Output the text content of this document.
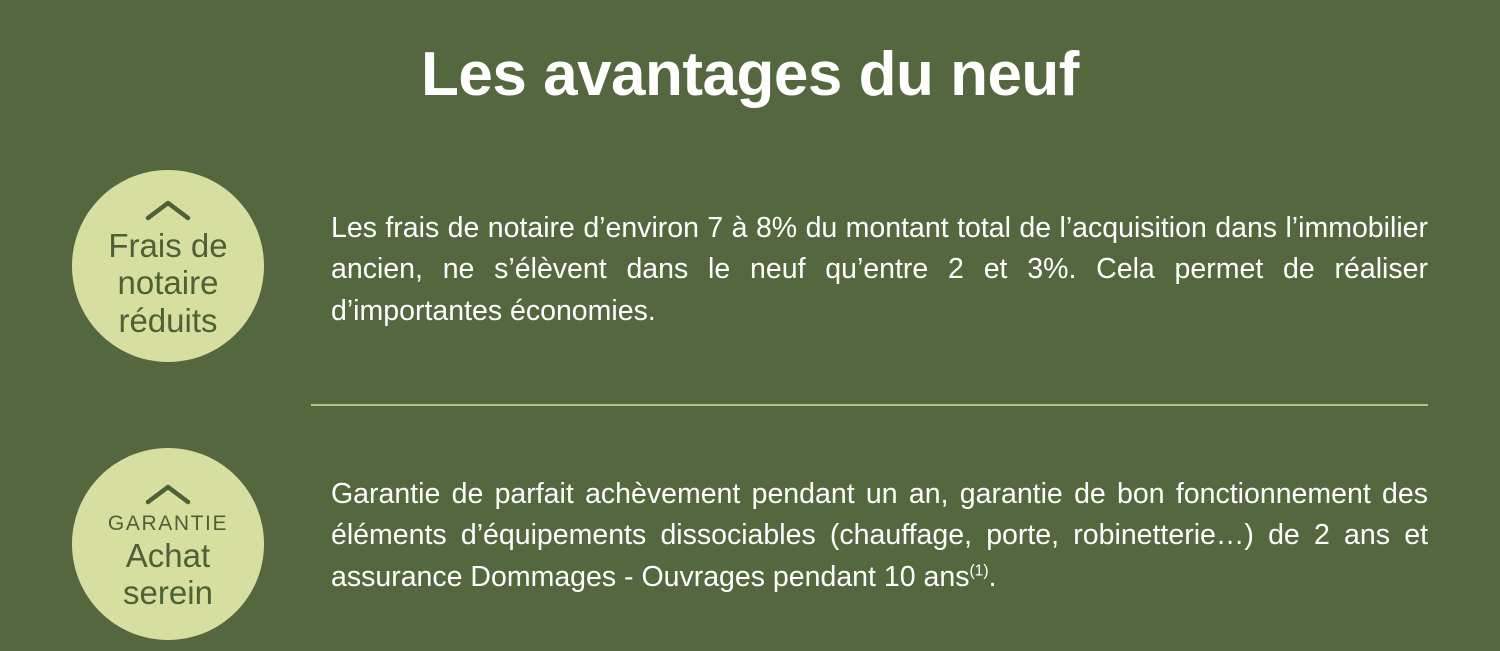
Les avantages du neuf
Frais de
notaire
réduits
Les frais de notaire d’environ 7 à 8% du montant total de l’acquisition dans l’immobilier ancien, ne s’élèvent dans le neuf qu’entre 2 et 3%. Cela permet de réaliser d’importantes économies.
GARANTIE
Achat
serein
Garantie de parfait achèvement pendant un an, garantie de bon fonctionnement des éléments d’équipements dissociables (chauffage, porte, robinetterie…) de 2 ans et assurance Dommages - Ouvrages pendant 10 ans$^{(1)}$.
